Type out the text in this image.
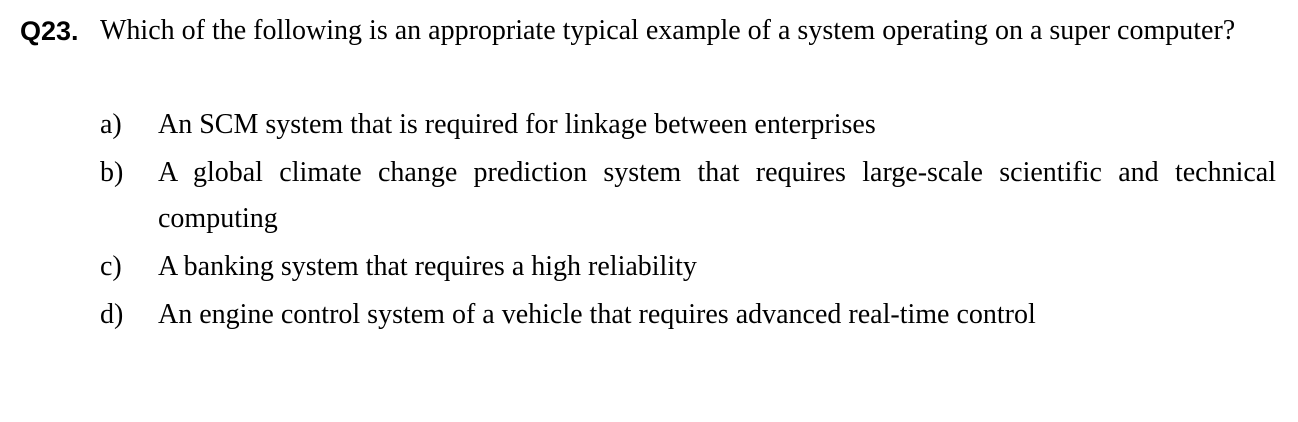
Q23. Which of the following is an appropriate typical example of a system operating on a super computer?
a)	An SCM system that is required for linkage between enterprises
b)	A global climate change prediction system that requires large-scale scientific and technical computing
c)	A banking system that requires a high reliability
d)	An engine control system of a vehicle that requires advanced real-time control
